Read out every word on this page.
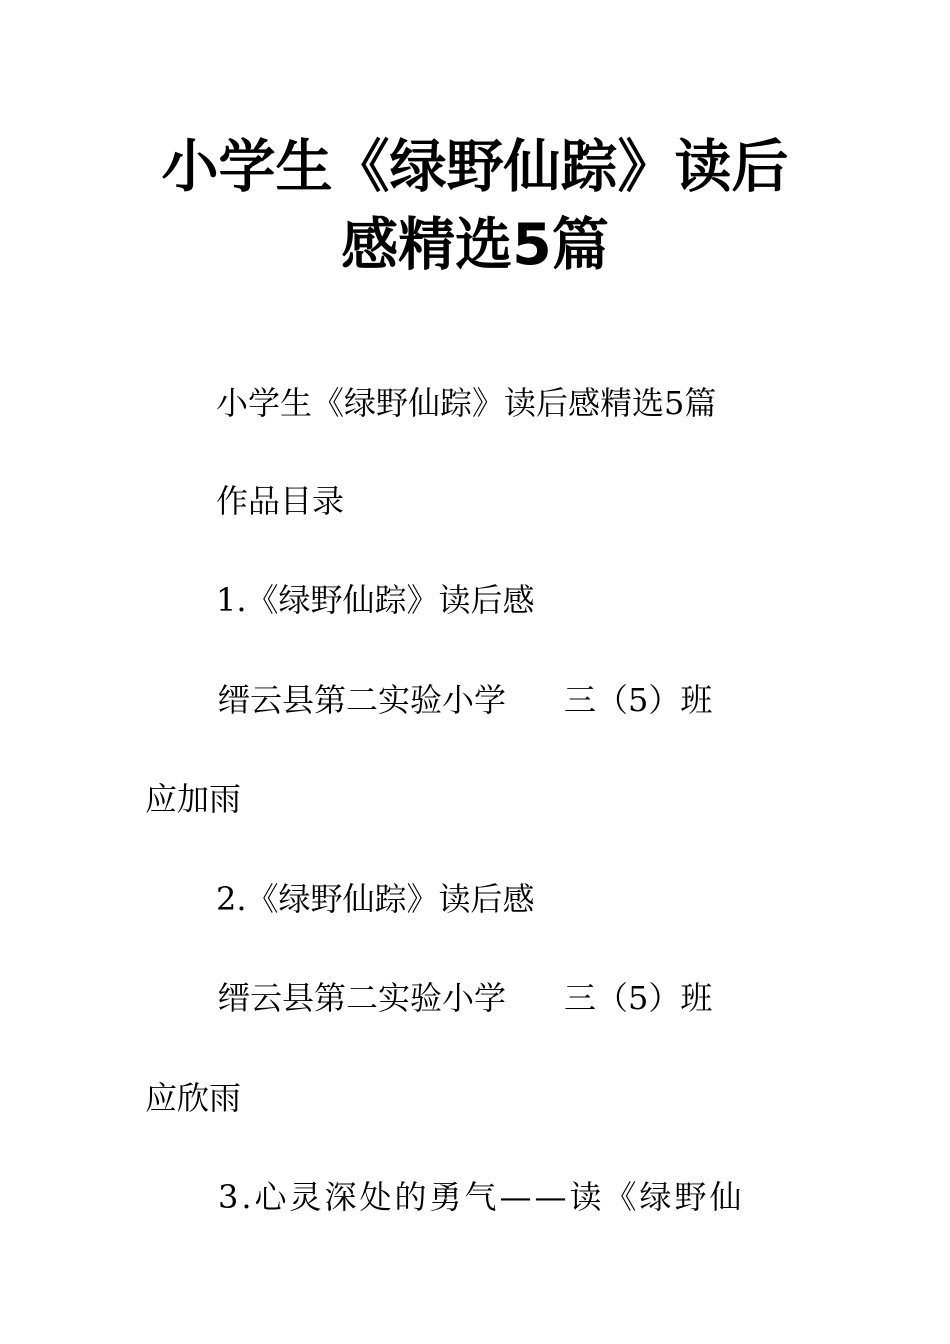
小学生《绿野仙踪》读后
感精选5篇
小学生《绿野仙踪》读后感精选5篇
作品目录
1.《绿野仙踪》读后感
缙云县第二实验小学 三（5）班
应加雨
2.《绿野仙踪》读后感
缙云县第二实验小学 三（5）班
应欣雨
3.心灵深处的勇气——读《绿野仙
